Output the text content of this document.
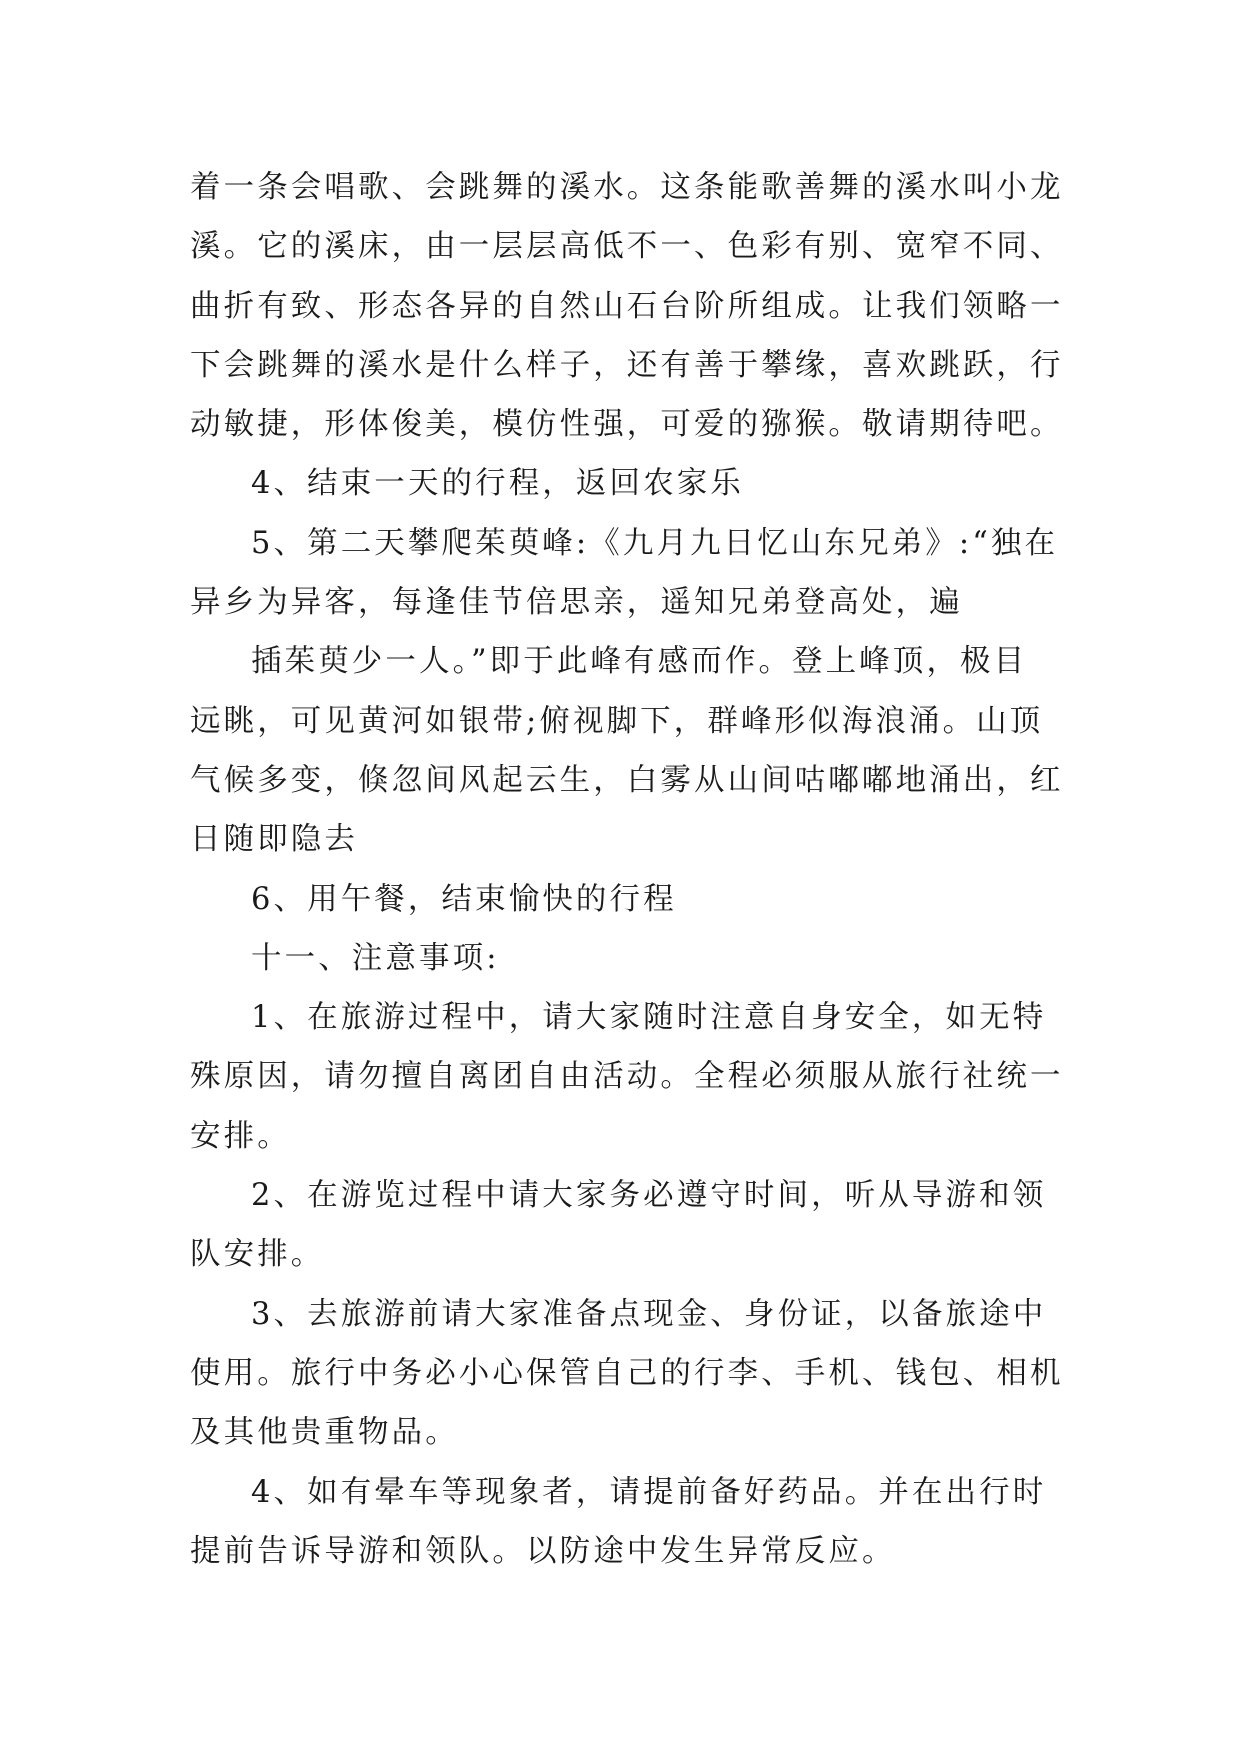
着一条会唱歌、会跳舞的溪水。这条能歌善舞的溪水叫小龙
溪。它的溪床，由一层层高低不一、色彩有别、宽窄不同、
曲折有致、形态各异的自然山石台阶所组成。让我们领略一
下会跳舞的溪水是什么样子，还有善于攀缘，喜欢跳跃，行
动敏捷，形体俊美，模仿性强，可爱的猕猴。敬请期待吧。
4、结束一天的行程，返回农家乐
5、第二天攀爬茱萸峰:《九月九日忆山东兄弟》:“独在
异乡为异客，每逢佳节倍思亲，遥知兄弟登高处，遍
插茱萸少一人。”即于此峰有感而作。登上峰顶，极目
远眺，可见黄河如银带;俯视脚下，群峰形似海浪涌。山顶
气候多变，倏忽间风起云生，白雾从山间咕嘟嘟地涌出，红
日随即隐去
6、用午餐，结束愉快的行程
十一、注意事项:
1、在旅游过程中，请大家随时注意自身安全，如无特
殊原因，请勿擅自离团自由活动。全程必须服从旅行社统一
安排。
2、在游览过程中请大家务必遵守时间，听从导游和领
队安排。
3、去旅游前请大家准备点现金、身份证，以备旅途中
使用。旅行中务必小心保管自己的行李、手机、钱包、相机
及其他贵重物品。
4、如有晕车等现象者，请提前备好药品。并在出行时
提前告诉导游和领队。以防途中发生异常反应。
